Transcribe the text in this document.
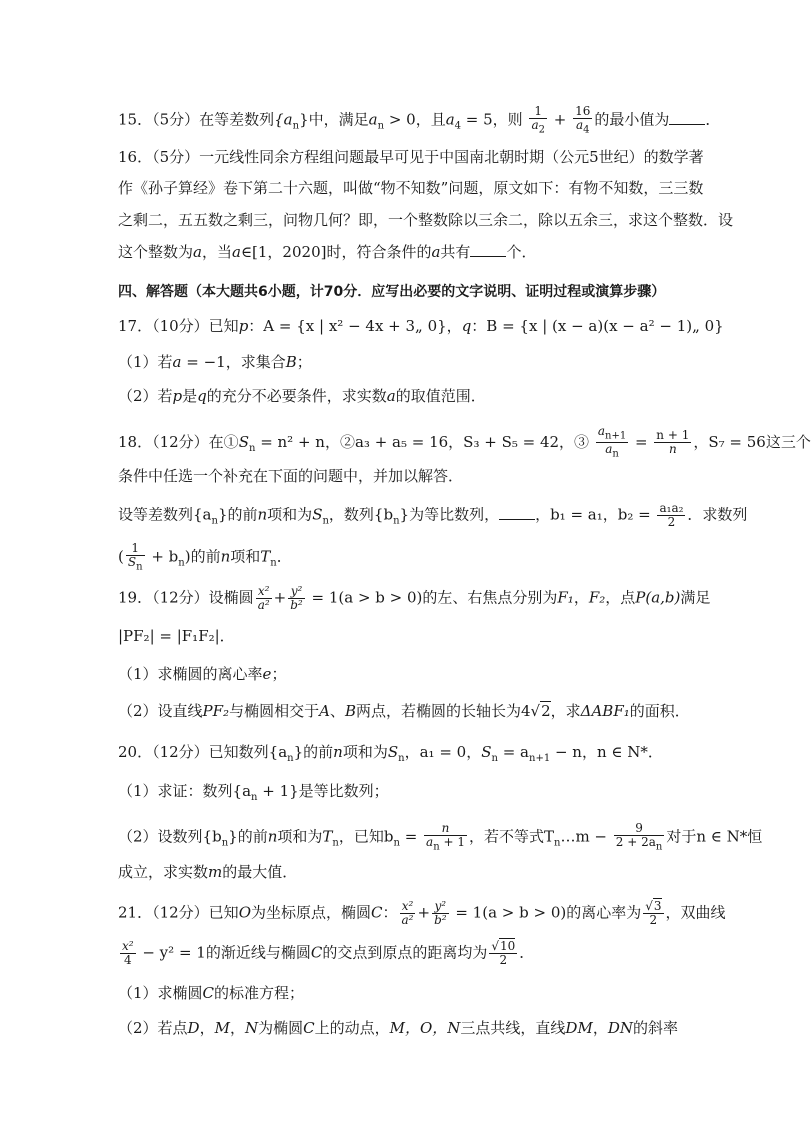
15．（5分）在等差数列$\{a_n\}$中，满足$a_n > 0$，且$a_4 = 5$，则 $\frac{1}{a_2} + \frac{16}{a_4}$ 的最小值为 ．
16．（5分）一元线性同余方程组问题最早可见于中国南北朝时期（公元5世纪）的数学著
作《孙子算经》卷下第二十六题，叫做“物不知数”问题，原文如下：有物不知数，三三数
之剩二，五五数之剩三，问物几何？即，一个整数除以三余二，除以五余三，求这个整数．设
这个整数为a，当a∈[1，2020]时，符合条件的a共有 个．
四、解答题（本大题共6小题，计70分．应写出必要的文字说明、证明过程或演算步骤）
17．（10分）已知p：A = {x | x² − 4x + 3„ 0}，q：B = {x | (x − a)(x − a² − 1)„ 0}
（1）若a = −1，求集合B；
（2）若p是q的充分不必要条件，求实数a的取值范围．
18．（12分）在$①S_n = n^2 + n$，②a₃ + a₅ = 16，S₃ + S₅ = 42，③ $\frac{a_{n+1}}{a_n} = \frac{n + 1}{n}$ ，S₇ = 56这三个
条件中任选一个补充在下面的问题中，并加以解答．
设等差数列$\{a_n\}$的前n项和为$S_n$，数列$\{b_n\}$为等比数列， ，b₁ = a₁，$b_2 = \frac{\text{a₁a₂}}{2}$ ．求数列
( $\frac{1}{S_n} + b_n$)的前n项和$T_n$．
19．（12分）设椭圆 $\frac{\text{x²}}{\text{a²}} + \frac{\text{y²}}{\text{b²}} = 1(a > b > 0)$的左、右焦点分别为F₁，F₂，点P(a,b)满足
|PF₂| = |F₁F₂|．
（1）求椭圆的离心率e；
（2）设直线PF₂与椭圆相交于A、B两点，若椭圆的长轴长为4√2，求ΔABF₁的面积．
20．（12分）已知数列$\{a_n\}$的前n项和为$S_n$，a₁ = 0，$S_n = a_{n+1} - n$，n ∈ N*．
（1）求证：数列$\{a_n + 1\}$是等比数列；
（2）设数列$\{b_n\}$的前n项和为$T_n$，已知$b_n = \frac{n}{a_n + 1}$ ，若不等式$T_n\dots m - \frac{9}{2 + 2a_n}$ 对于n ∈ N*恒
成立，求实数m的最大值．
21．（12分）已知O为坐标原点，椭圆C： $\frac{\text{x²}}{\text{a²}} + \frac{\text{y²}}{\text{b²}} = 1(a > b > 0)$的离心率为 $\frac{√3}{2}$ ，双曲线
$\frac{\text{x²}}{4} - y^2 = 1$的渐近线与椭圆C的交点到原点的距离均为 $\frac{√10}{2}$ ．
（1）求椭圆C的标准方程；
（2）若点D，M，N为椭圆C上的动点，M，O，N三点共线，直线DM，DN的斜率
